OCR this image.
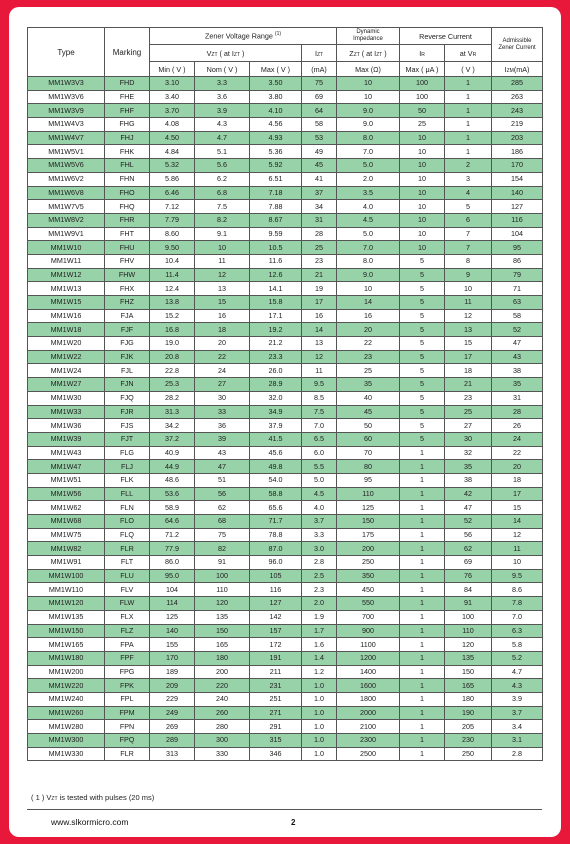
Type	Marking	Zener Voltage Range $^{(1)}$				Dynamic
Impedance	Reverse Current		Admissible
Zener Current
		VZT ( at IZT )			IZT	ZZT ( at IZT )	IR	at VR	
		Min ( V )	Nom ( V )	Max ( V )	(mA)	Max (Ω)	Max ( μA )	( V )	IZM(mA)
MM1W3V3	FHD	3.10	3.3	3.50	75	10	100	1	285
MM1W3V6	FHE	3.40	3.6	3.80	69	10	100	1	263
MM1W3V9	FHF	3.70	3.9	4.10	64	9.0	50	1	243
MM1W4V3	FHG	4.08	4.3	4.56	58	9.0	25	1	219
MM1W4V7	FHJ	4.50	4.7	4.93	53	8.0	10	1	203
MM1W5V1	FHK	4.84	5.1	5.36	49	7.0	10	1	186
MM1W5V6	FHL	5.32	5.6	5.92	45	5.0	10	2	170
MM1W6V2	FHN	5.86	6.2	6.51	41	2.0	10	3	154
MM1W6V8	FHO	6.46	6.8	7.18	37	3.5	10	4	140
MM1W7V5	FHQ	7.12	7.5	7.88	34	4.0	10	5	127
MM1W8V2	FHR	7.79	8.2	8.67	31	4.5	10	6	116
MM1W9V1	FHT	8.60	9.1	9.59	28	5.0	10	7	104
MM1W10	FHU	9.50	10	10.5	25	7.0	10	7	95
MM1W11	FHV	10.4	11	11.6	23	8.0	5	8	86
MM1W12	FHW	11.4	12	12.6	21	9.0	5	9	79
MM1W13	FHX	12.4	13	14.1	19	10	5	10	71
MM1W15	FHZ	13.8	15	15.8	17	14	5	11	63
MM1W16	FJA	15.2	16	17.1	16	16	5	12	58
MM1W18	FJF	16.8	18	19.2	14	20	5	13	52
MM1W20	FJG	19.0	20	21.2	13	22	5	15	47
MM1W22	FJK	20.8	22	23.3	12	23	5	17	43
MM1W24	FJL	22.8	24	26.0	11	25	5	18	38
MM1W27	FJN	25.3	27	28.9	9.5	35	5	21	35
MM1W30	FJQ	28.2	30	32.0	8.5	40	5	23	31
MM1W33	FJR	31.3	33	34.9	7.5	45	5	25	28
MM1W36	FJS	34.2	36	37.9	7.0	50	5	27	26
MM1W39	FJT	37.2	39	41.5	6.5	60	5	30	24
MM1W43	FLG	40.9	43	45.6	6.0	70	1	32	22
MM1W47	FLJ	44.9	47	49.8	5.5	80	1	35	20
MM1W51	FLK	48.6	51	54.0	5.0	95	1	38	18
MM1W56	FLL	53.6	56	58.8	4.5	110	1	42	17
MM1W62	FLN	58.9	62	65.6	4.0	125	1	47	15
MM1W68	FLO	64.6	68	71.7	3.7	150	1	52	14
MM1W75	FLQ	71.2	75	78.8	3.3	175	1	56	12
MM1W82	FLR	77.9	82	87.0	3.0	200	1	62	11
MM1W91	FLT	86.0	91	96.0	2.8	250	1	69	10
MM1W100	FLU	95.0	100	105	2.5	350	1	76	9.5
MM1W110	FLV	104	110	116	2.3	450	1	84	8.6
MM1W120	FLW	114	120	127	2.0	550	1	91	7.8
MM1W135	FLX	125	135	142	1.9	700	1	100	7.0
MM1W150	FLZ	140	150	157	1.7	900	1	110	6.3
MM1W165	FPA	155	165	172	1.6	1100	1	120	5.8
MM1W180	FPF	170	180	191	1.4	1200	1	135	5.2
MM1W200	FPG	189	200	211	1.2	1400	1	150	4.7
MM1W220	FPK	209	220	231	1.0	1600	1	165	4.3
MM1W240	FPL	229	240	251	1.0	1800	1	180	3.9
MM1W260	FPM	249	260	271	1.0	2000	1	190	3.7
MM1W280	FPN	269	280	291	1.0	2100	1	205	3.4
MM1W300	FPQ	289	300	315	1.0	2300	1	230	3.1
MM1W330	FLR	313	330	346	1.0	2500	1	250	2.8
( 1 ) VZT is tested with pulses (20 ms)
www.slkormicro.com	2
